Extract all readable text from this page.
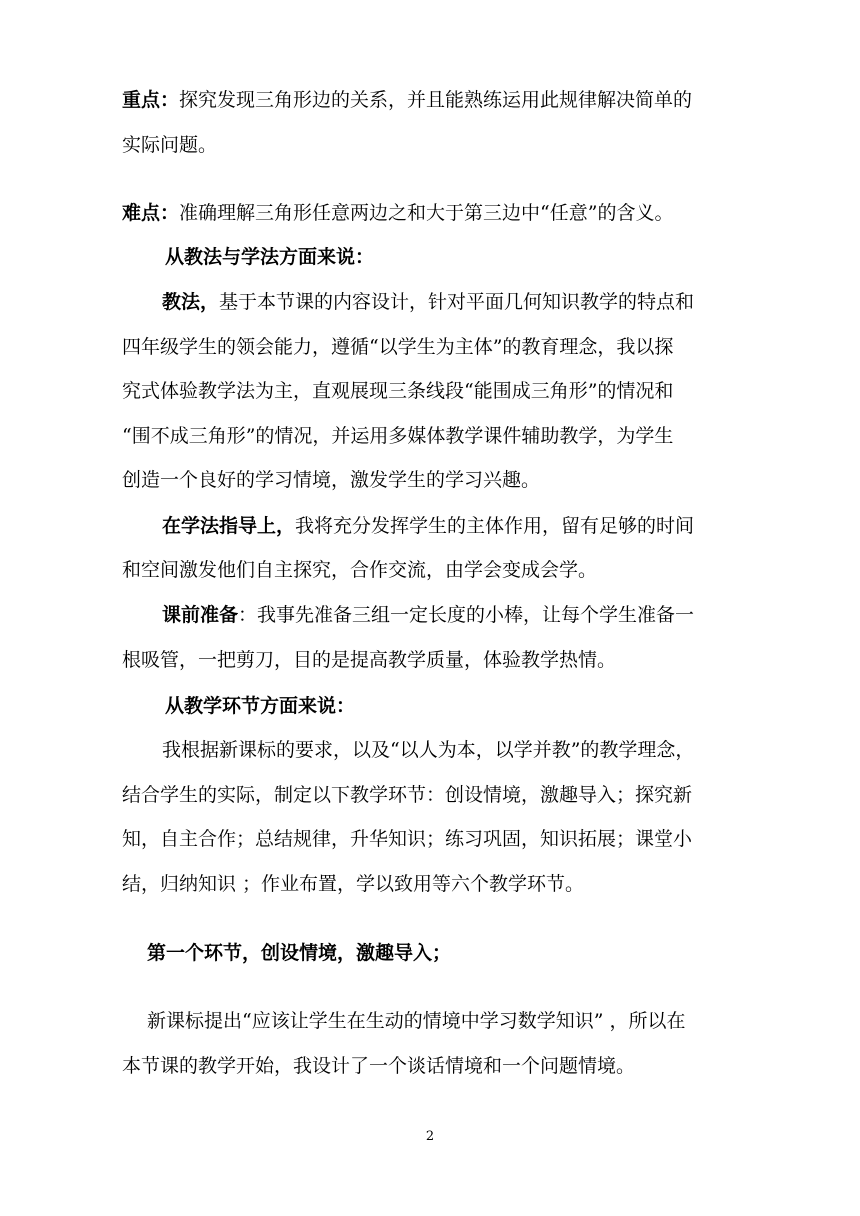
重点：探究发现三角形边的关系，并且能熟练运用此规律解决简单的
实际问题。
难点：准确理解三角形任意两边之和大于第三边中“任意”的含义。
从教法与学法方面来说：
教法，基于本节课的内容设计，针对平面几何知识教学的特点和
四年级学生的领会能力，遵循“以学生为主体”的教育理念，我以探
究式体验教学法为主，直观展现三条线段“能围成三角形”的情况和
“围不成三角形”的情况，并运用多媒体教学课件辅助教学，为学生
创造一个良好的学习情境，激发学生的学习兴趣。
在学法指导上，我将充分发挥学生的主体作用，留有足够的时间
和空间激发他们自主探究，合作交流，由学会变成会学。
课前准备：我事先准备三组一定长度的小棒，让每个学生准备一
根吸管，一把剪刀，目的是提高教学质量，体验教学热情。
从教学环节方面来说：
我根据新课标的要求，以及“以人为本，以学并教”的教学理念，
结合学生的实际，制定以下教学环节：创设情境，激趣导入；探究新
知，自主合作；总结规律，升华知识；练习巩固，知识拓展；课堂小
结，归纳知识 ；作业布置，学以致用等六个教学环节。
第一个环节，创设情境，激趣导入；
新课标提出“应该让学生在生动的情境中学习数学知识” ，所以在
本节课的教学开始，我设计了一个谈话情境和一个问题情境。
2
